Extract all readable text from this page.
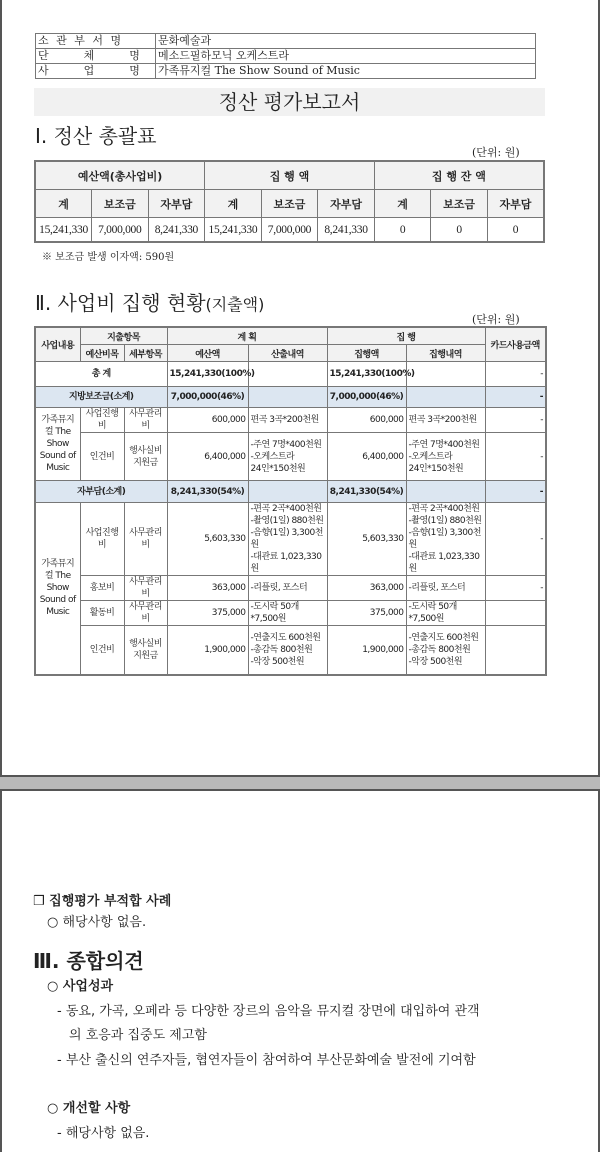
소 관 부 서 명	문화예술과
단      체      명	메소드필하모닉 오케스트라
사      업      명	가족뮤지컬 The Show Sound of Music
정산 평가보고서
Ⅰ. 정산 총괄표
(단위: 원)
예산액(총사업비)			집 행 액			집 행 잔 액		
계	보조금	자부담	계	보조금	자부담	계	보조금	자부담
15,241,330	7,000,000	8,241,330	15,241,330	7,000,000	8,241,330	0	0	0
※ 보조금 발생 이자액: 590원
Ⅱ. 사업비 집행 현황(지출액)
(단위: 원)
사업내용	지출항목		계 획		집 행		카드사용금액
	예산비목	세부항목	예산액	산출내역	집행액	집행내역	
총 계			15,241,330(100%)		15,241,330(100%)		-
지방보조금(소계)			7,000,000(46%)		7,000,000(46%)		-
가족뮤지컬 The Show Sound of Music	사업진행비	사무관리비	600,000	편곡 3곡*200천원	600,000	편곡 3곡*200천원	-
	인건비	행사실비 지원금	6,400,000	-주연 7명*400천원
-오케스트라
24인*150천원	6,400,000	-주연 7명*400천원
-오케스트라
24인*150천원	-
자부담(소계)			8,241,330(54%)		8,241,330(54%)		-
가족뮤지컬 The Show Sound of Music	사업진행비	사무관리비	5,603,330	-편곡 2곡*400천원
-촬영(1일) 880천원
-음향(1일) 3,300천원
-대관료 1,023,330원	5,603,330	-편곡 2곡*400천원
-촬영(1일) 880천원
-음향(1일) 3,300천원
-대관료 1,023,330원	-
	홍보비	사무관리비	363,000	-리플릿, 포스터	363,000	-리플릿, 포스터	-
	활동비	사무관리비	375,000	-도시락 50개*7,500원	375,000	-도시락 50개*7,500원	
	인건비	행사실비 지원금	1,900,000	-연출지도 600천원
-총감독 800천원
-악장 500천원	1,900,000	-연출지도 600천원
-총감독 800천원
-악장 500천원	
❒ 집행평가 부적합 사례
○ 해당사항 없음.
Ⅲ. 종합의견
○ 사업성과
- 동요, 가곡, 오페라 등 다양한 장르의 음악을 뮤지컬 장면에 대입하여 관객
의 호응과 집중도 제고함
- 부산 출신의 연주자들, 협연자들이 참여하여 부산문화예술 발전에 기여함
○ 개선할 사항
- 해당사항 없음.
